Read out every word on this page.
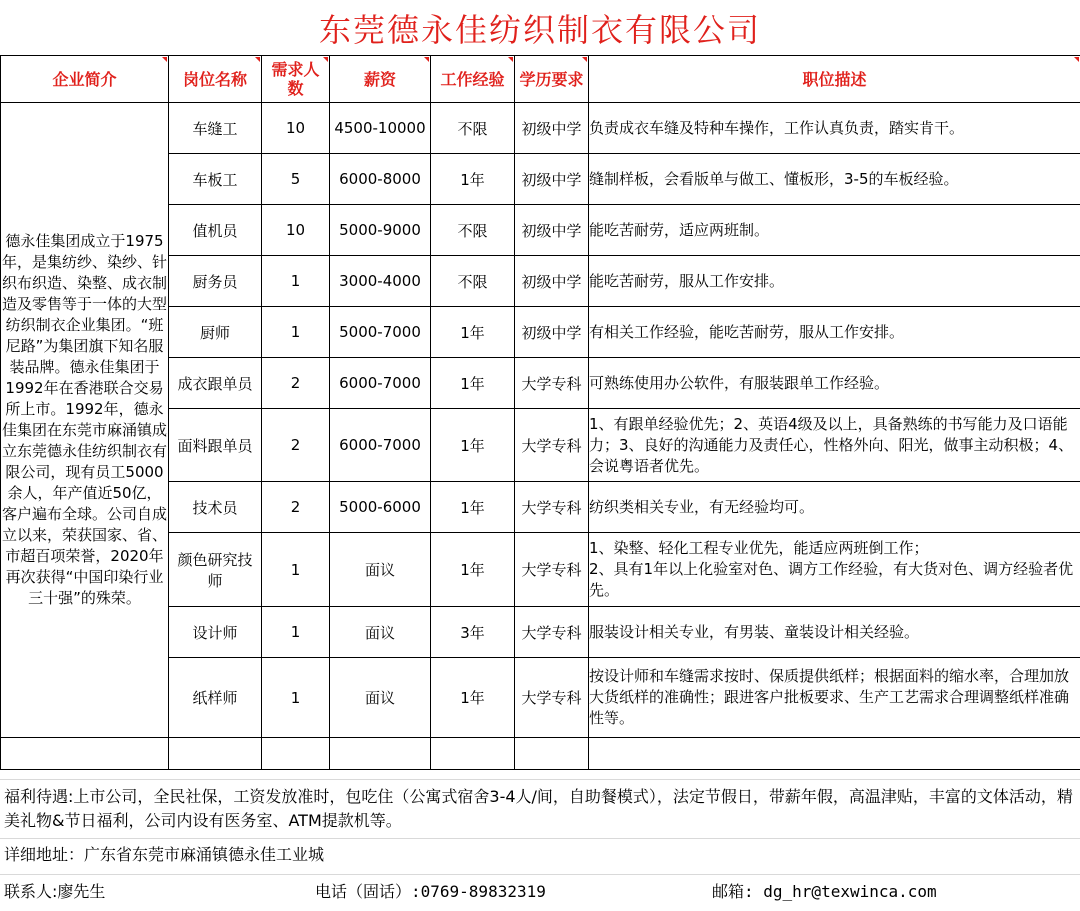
东莞德永佳纺织制衣有限公司
企业简介	岗位名称	需求人数	薪资	工作经验	学历要求	职位描述
德永佳集团成立于1975年，是集纺纱、染纱、针织布织造、染整、成衣制造及零售等于一体的大型纺织制衣企业集团。“班尼路”为集团旗下知名服装品牌。德永佳集团于1992年在香港联合交易所上市。1992年，德永佳集团在东莞市麻涌镇成立东莞德永佳纺织制衣有限公司，现有员工5000余人，年产值近50亿，客户遍布全球。公司自成立以来，荣获国家、省、市超百项荣誉，2020年再次获得“中国印染行业三十强”的殊荣。	车缝工	10	4500-10000	不限	初级中学	负责成衣车缝及特种车操作，工作认真负责，踏实肯干。
	车板工	5	6000-8000	1年	初级中学	缝制样板，会看版单与做工、懂板形，3-5的车板经验。
	值机员	10	5000-9000	不限	初级中学	能吃苦耐劳，适应两班制。
	厨务员	1	3000-4000	不限	初级中学	能吃苦耐劳，服从工作安排。
	厨师	1	5000-7000	1年	初级中学	有相关工作经验，能吃苦耐劳，服从工作安排。
	成衣跟单员	2	6000-7000	1年	大学专科	可熟练使用办公软件，有服装跟单工作经验。
	面料跟单员	2	6000-7000	1年	大学专科	1、有跟单经验优先；2、英语4级及以上，具备熟练的书写能力及口语能力；3、良好的沟通能力及责任心，性格外向、阳光，做事主动积极；4、会说粤语者优先。
	技术员	2	5000-6000	1年	大学专科	纺织类相关专业，有无经验均可。
	颜色研究技师	1	面议	1年	大学专科	1、染整、轻化工程专业优先，能适应两班倒工作；
2、具有1年以上化验室对色、调方工作经验，有大货对色、调方经验者优先。
	设计师	1	面议	3年	大学专科	服装设计相关专业，有男装、童装设计相关经验。
	纸样师	1	面议	1年	大学专科	按设计师和车缝需求按时、保质提供纸样；根据面料的缩水率，合理加放大货纸样的准确性；跟进客户批板要求、生产工艺需求合理调整纸样准确性等。

福利待遇:上市公司，全民社保，工资发放准时，包吃住（公寓式宿舍3-4人/间，自助餐模式），法定节假日，带薪年假，高温津贴，丰富的文体活动，精美礼物&节日福利，公司内设有医务室、ATM提款机等。
详细地址：广东省东莞市麻涌镇德永佳工业城
联系人:廖先生	电话（固话）:0769-89832319	邮箱: dg_hr@texwinca.com
